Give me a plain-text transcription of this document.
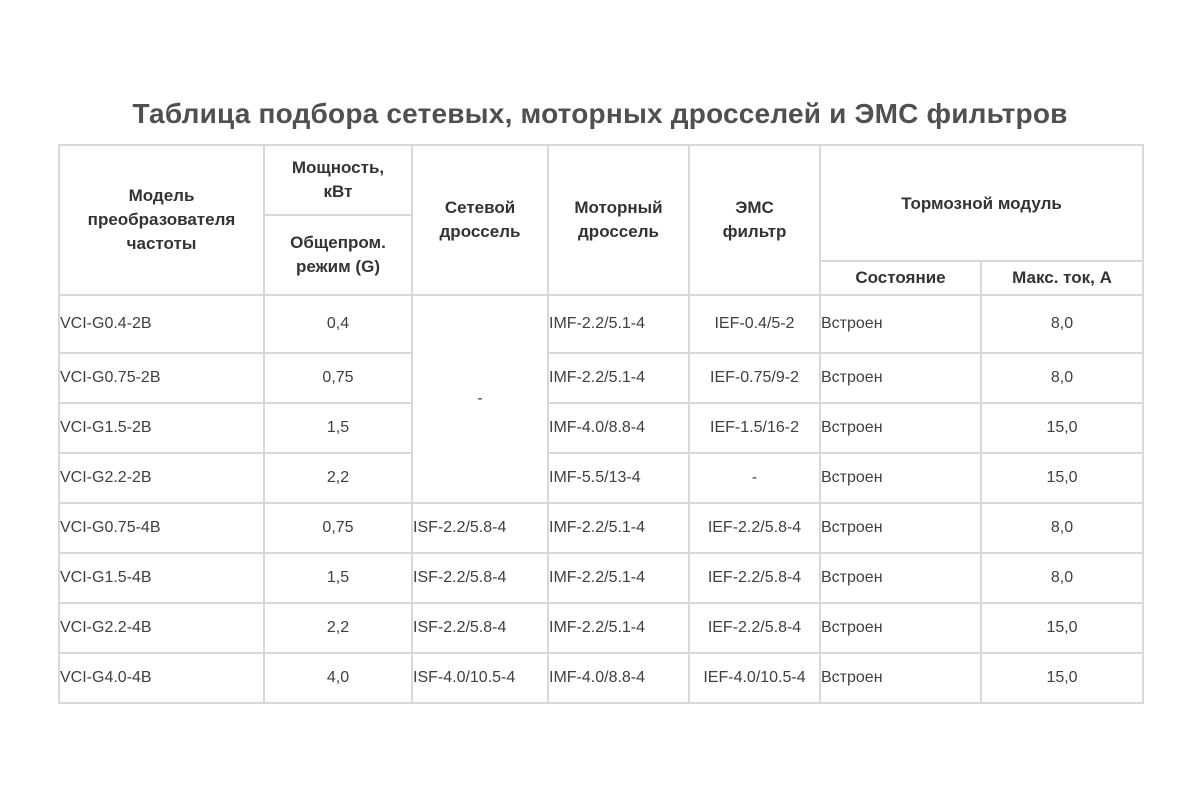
Таблица подбора сетевых, моторных дросселей и ЭМС фильтров
Модель преобразователя частоты	Мощность, кВт	Сетевой дроссель	Моторный дроссель	ЭМС фильтр	Тормозной модуль	
	Общепром. режим (G)					
					Состояние	Макс. ток, А
VCI-G0.4-2B	0,4	-	IMF-2.2/5.1-4	IEF-0.4/5-2	Встроен	8,0
VCI-G0.75-2B	0,75		IMF-2.2/5.1-4	IEF-0.75/9-2	Встроен	8,0
VCI-G1.5-2B	1,5		IMF-4.0/8.8-4	IEF-1.5/16-2	Встроен	15,0
VCI-G2.2-2B	2,2		IMF-5.5/13-4	-	Встроен	15,0
VCI-G0.75-4B	0,75	ISF-2.2/5.8-4	IMF-2.2/5.1-4	IEF-2.2/5.8-4	Встроен	8,0
VCI-G1.5-4B	1,5	ISF-2.2/5.8-4	IMF-2.2/5.1-4	IEF-2.2/5.8-4	Встроен	8,0
VCI-G2.2-4B	2,2	ISF-2.2/5.8-4	IMF-2.2/5.1-4	IEF-2.2/5.8-4	Встроен	15,0
VCI-G4.0-4B	4,0	ISF-4.0/10.5-4	IMF-4.0/8.8-4	IEF-4.0/10.5-4	Встроен	15,0
